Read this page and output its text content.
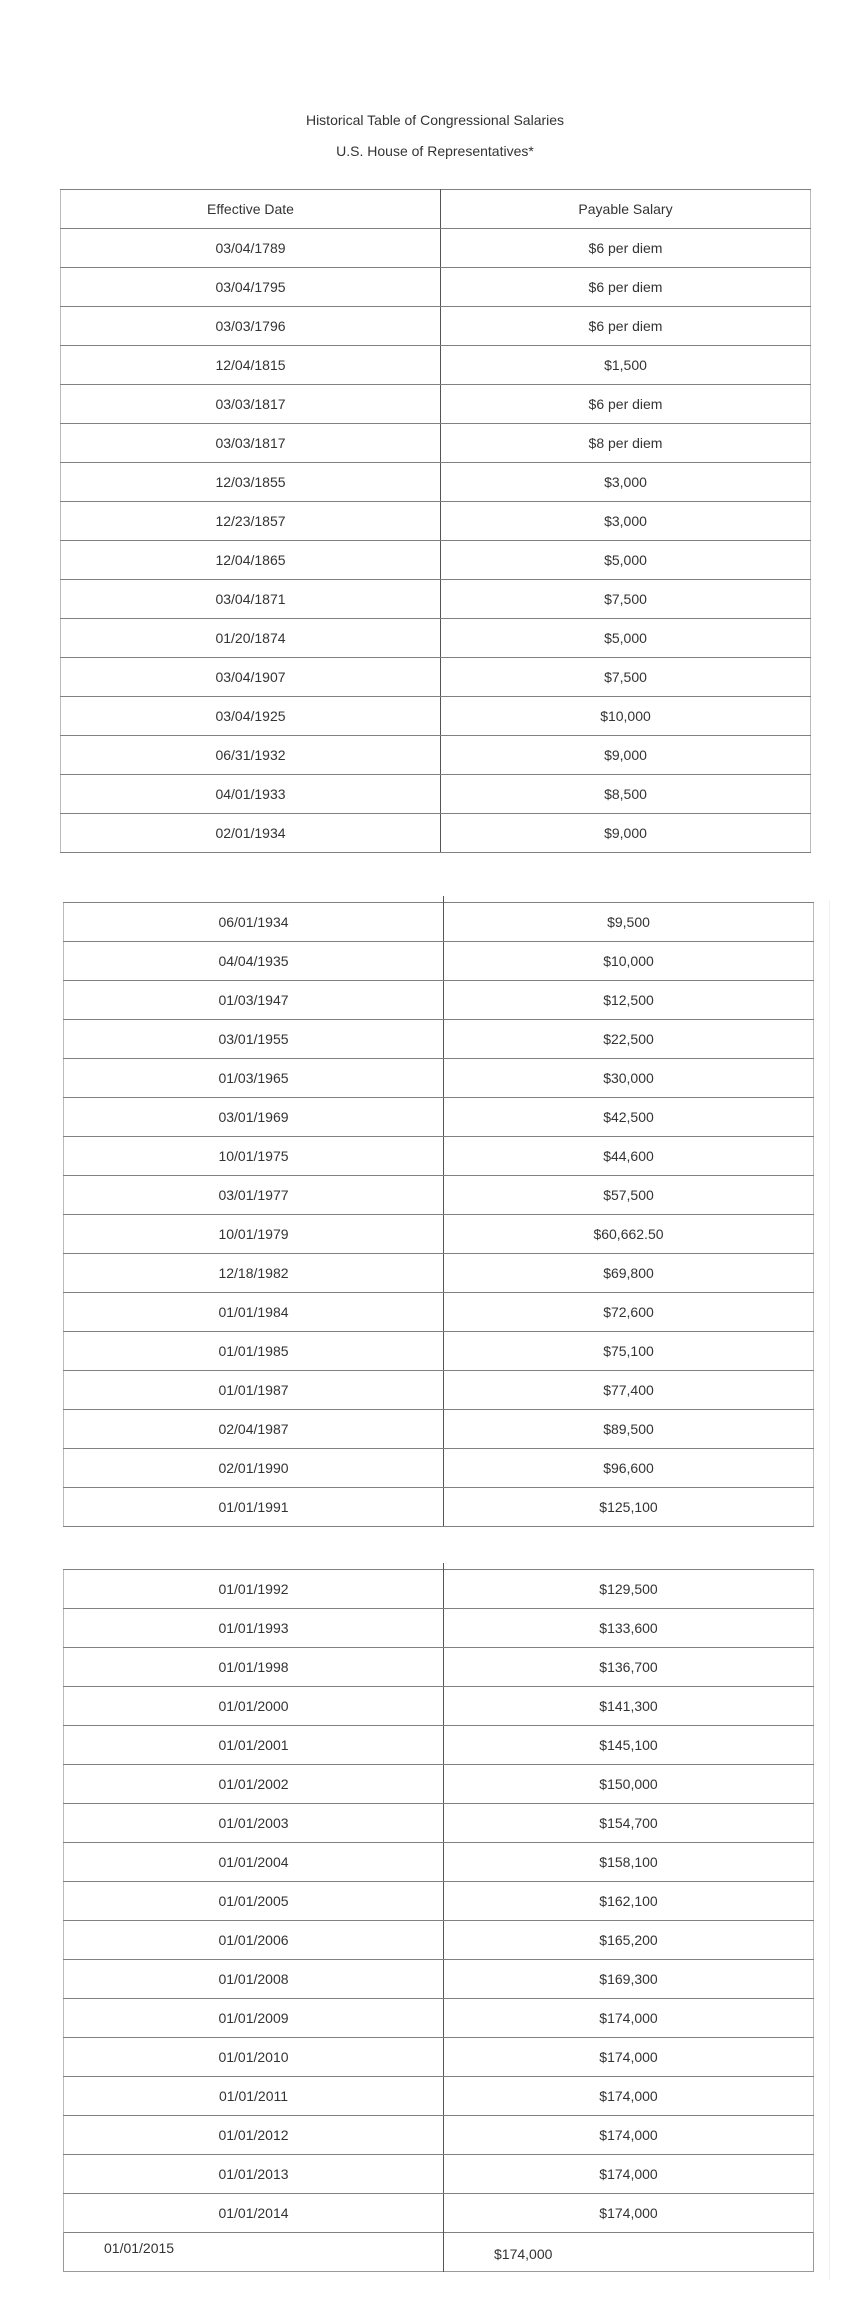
Historical Table of Congressional Salaries
U.S. House of Representatives*
Effective Date	Payable Salary
03/04/1789	$6 per diem
03/04/1795	$6 per diem
03/03/1796	$6 per diem
12/04/1815	$1,500
03/03/1817	$6 per diem
03/03/1817	$8 per diem
12/03/1855	$3,000
12/23/1857	$3,000
12/04/1865	$5,000
03/04/1871	$7,500
01/20/1874	$5,000
03/04/1907	$7,500
03/04/1925	$10,000
06/31/1932	$9,000
04/01/1933	$8,500
02/01/1934	$9,000
06/01/1934	$9,500
04/04/1935	$10,000
01/03/1947	$12,500
03/01/1955	$22,500
01/03/1965	$30,000
03/01/1969	$42,500
10/01/1975	$44,600
03/01/1977	$57,500
10/01/1979	$60,662.50
12/18/1982	$69,800
01/01/1984	$72,600
01/01/1985	$75,100
01/01/1987	$77,400
02/04/1987	$89,500
02/01/1990	$96,600
01/01/1991	$125,100
01/01/1992	$129,500
01/01/1993	$133,600
01/01/1998	$136,700
01/01/2000	$141,300
01/01/2001	$145,100
01/01/2002	$150,000
01/01/2003	$154,700
01/01/2004	$158,100
01/01/2005	$162,100
01/01/2006	$165,200
01/01/2008	$169,300
01/01/2009	$174,000
01/01/2010	$174,000
01/01/2011	$174,000
01/01/2012	$174,000
01/01/2013	$174,000
01/01/2014	$174,000
01/01/2015	$174,000
